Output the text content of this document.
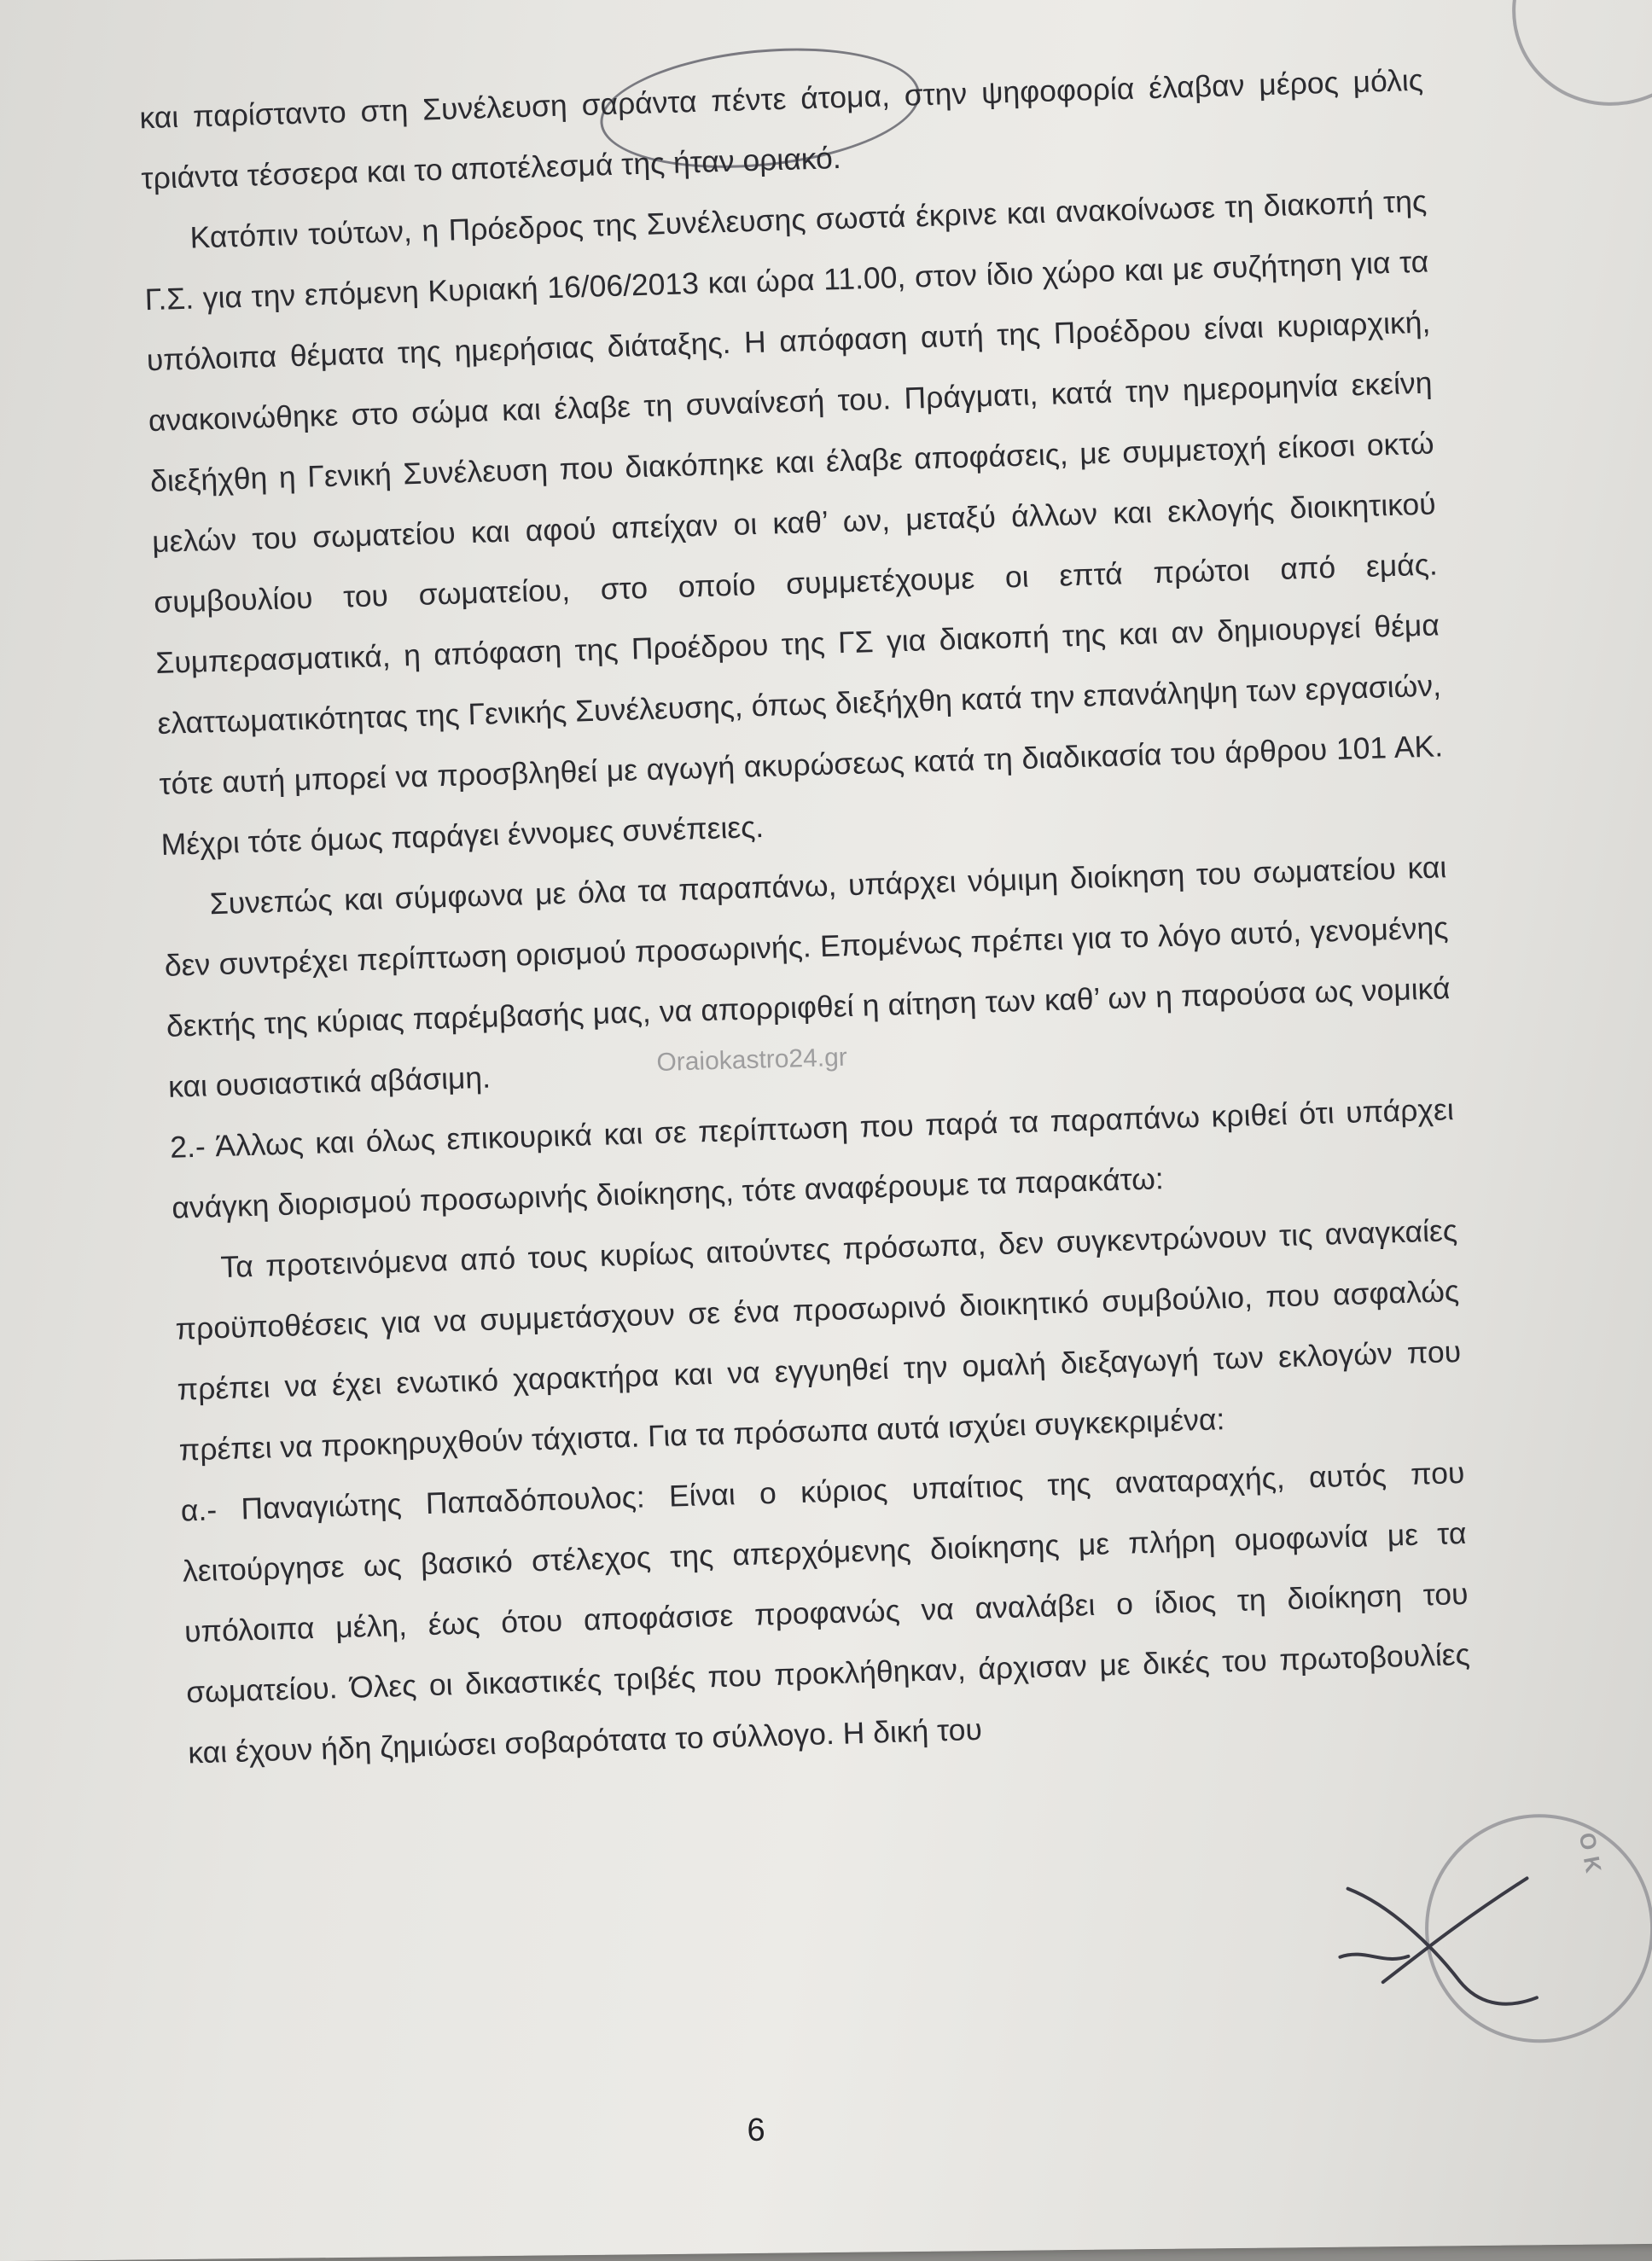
και παρίσταντο στη Συνέλευση σαράντα πέντε άτομα, στην ψηφοφορία έλαβαν μέρος μόλις τριάντα τέσσερα και το αποτέλεσμά της ήταν οριακό.

Κατόπιν τούτων, η Πρόεδρος της Συνέλευσης σωστά έκρινε και ανακοίνωσε τη διακοπή της Γ.Σ. για την επόμενη Κυριακή 16/06/2013 και ώρα 11.00, στον ίδιο χώρο και με συζήτηση για τα υπόλοιπα θέματα της ημερήσιας διάταξης. Η απόφαση αυτή της Προέδρου είναι κυριαρχική, ανακοινώθηκε στο σώμα και έλαβε τη συναίνεσή του. Πράγματι, κατά την ημερομηνία εκείνη διεξήχθη η Γενική Συνέλευση που διακόπηκε και έλαβε αποφάσεις, με συμμετοχή είκοσι οκτώ μελών του σωματείου και αφού απείχαν οι καθ’ ων, μεταξύ άλλων και εκλογής διοικητικού συμβουλίου του σωματείου, στο οποίο συμμετέχουμε οι επτά πρώτοι από εμάς. Συμπερασματικά, η απόφαση της Προέδρου της ΓΣ για διακοπή της και αν δημιουργεί θέμα ελαττωματικότητας της Γενικής Συνέλευσης, όπως διεξήχθη κατά την επανάληψη των εργασιών, τότε αυτή μπορεί να προσβληθεί με αγωγή ακυρώσεως κατά τη διαδικασία του άρθρου 101 ΑΚ. Μέχρι τότε όμως παράγει έννομες συνέπειες.

Συνεπώς και σύμφωνα με όλα τα παραπάνω, υπάρχει νόμιμη διοίκηση του σωματείου και δεν συντρέχει περίπτωση ορισμού προσωρινής. Επομένως πρέπει για το λόγο αυτό, γενομένης δεκτής της κύριας παρέμβασής μας, να απορριφθεί η αίτηση των καθ’ ων η παρούσα ως νομικά και ουσιαστικά αβάσιμη.

2.- Άλλως και όλως επικουρικά και σε περίπτωση που παρά τα παραπάνω κριθεί ότι υπάρχει ανάγκη διορισμού προσωρινής διοίκησης, τότε αναφέρουμε τα παρακάτω:

Τα προτεινόμενα από τους κυρίως αιτούντες πρόσωπα, δεν συγκεντρώνουν τις αναγκαίες προϋποθέσεις για να συμμετάσχουν σε ένα προσωρινό διοικητικό συμβούλιο, που ασφαλώς πρέπει να έχει ενωτικό χαρακτήρα και να εγγυηθεί την ομαλή διεξαγωγή των εκλογών που πρέπει να προκηρυχθούν τάχιστα. Για τα πρόσωπα αυτά ισχύει συγκεκριμένα:

α.- Παναγιώτης Παπαδόπουλος: Είναι ο κύριος υπαίτιος της αναταραχής, αυτός που λειτούργησε ως βασικό στέλεχος της απερχόμενης διοίκησης με πλήρη ομοφωνία με τα υπόλοιπα μέλη, έως ότου αποφάσισε προφανώς να αναλάβει ο ίδιος τη διοίκηση του σωματείου. Όλες οι δικαστικές τριβές που προκλήθηκαν, άρχισαν με δικές του πρωτοβουλίες και έχουν ήδη ζημιώσει σοβαρότατα το σύλλογο. Η δική του

Oraiokastro24.gr
ΟΚ
6
